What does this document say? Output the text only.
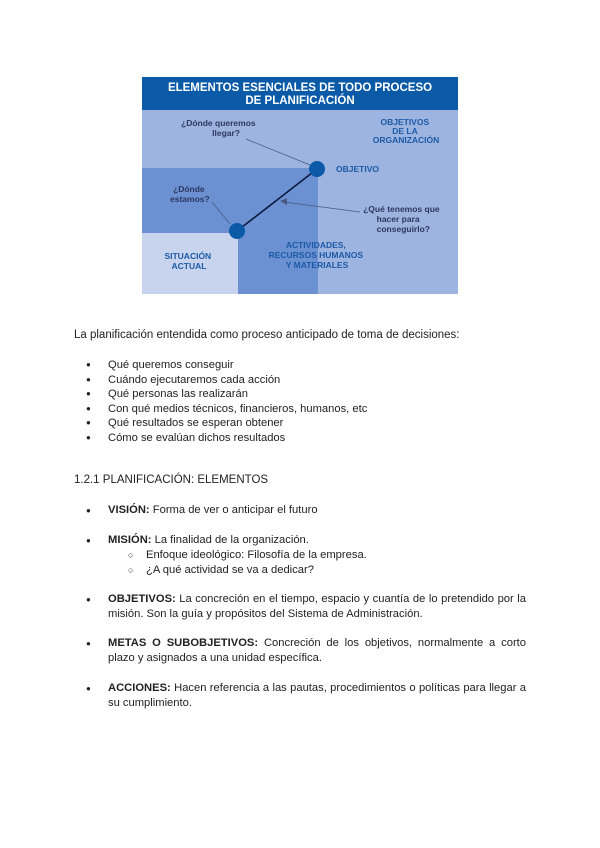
ELEMENTOS ESENCIALES DE TODO PROCESO
DE PLANIFICACIÓN
¿Dónde queremos llegar?
OBJETIVOS DE LA ORGANIZACIÓN
OBJETIVO
¿Dónde estamos?
¿Qué tenemos que hacer para conseguirlo?
SITUACIÓN ACTUAL
ACTIVIDADES, RECURSOS HUMANOS Y MATERIALES
La planificación entendida como proceso anticipado de toma de decisiones:
● Qué queremos conseguir
● Cuándo ejecutaremos cada acción
● Qué personas las realizarán
● Con qué medios técnicos, financieros, humanos, etc
● Qué resultados se esperan obtener
● Cómo se evalúan dichos resultados
1.2.1 PLANIFICACIÓN: ELEMENTOS
● VISIÓN: Forma de ver o anticipar el futuro
● MISIÓN: La finalidad de la organización.
○ Enfoque ideológico: Filosofía de la empresa.
○ ¿A qué actividad se va a dedicar?
● OBJETIVOS: La concreción en el tiempo, espacio y cuantía de lo pretendido por la misión. Son la guía y propósitos del Sistema de Administración.
● METAS O SUBOBJETIVOS: Concreción de los objetivos, normalmente a corto plazo y asignados a una unidad específica.
● ACCIONES: Hacen referencia a las pautas, procedimientos o políticas para llegar a su cumplimiento.
